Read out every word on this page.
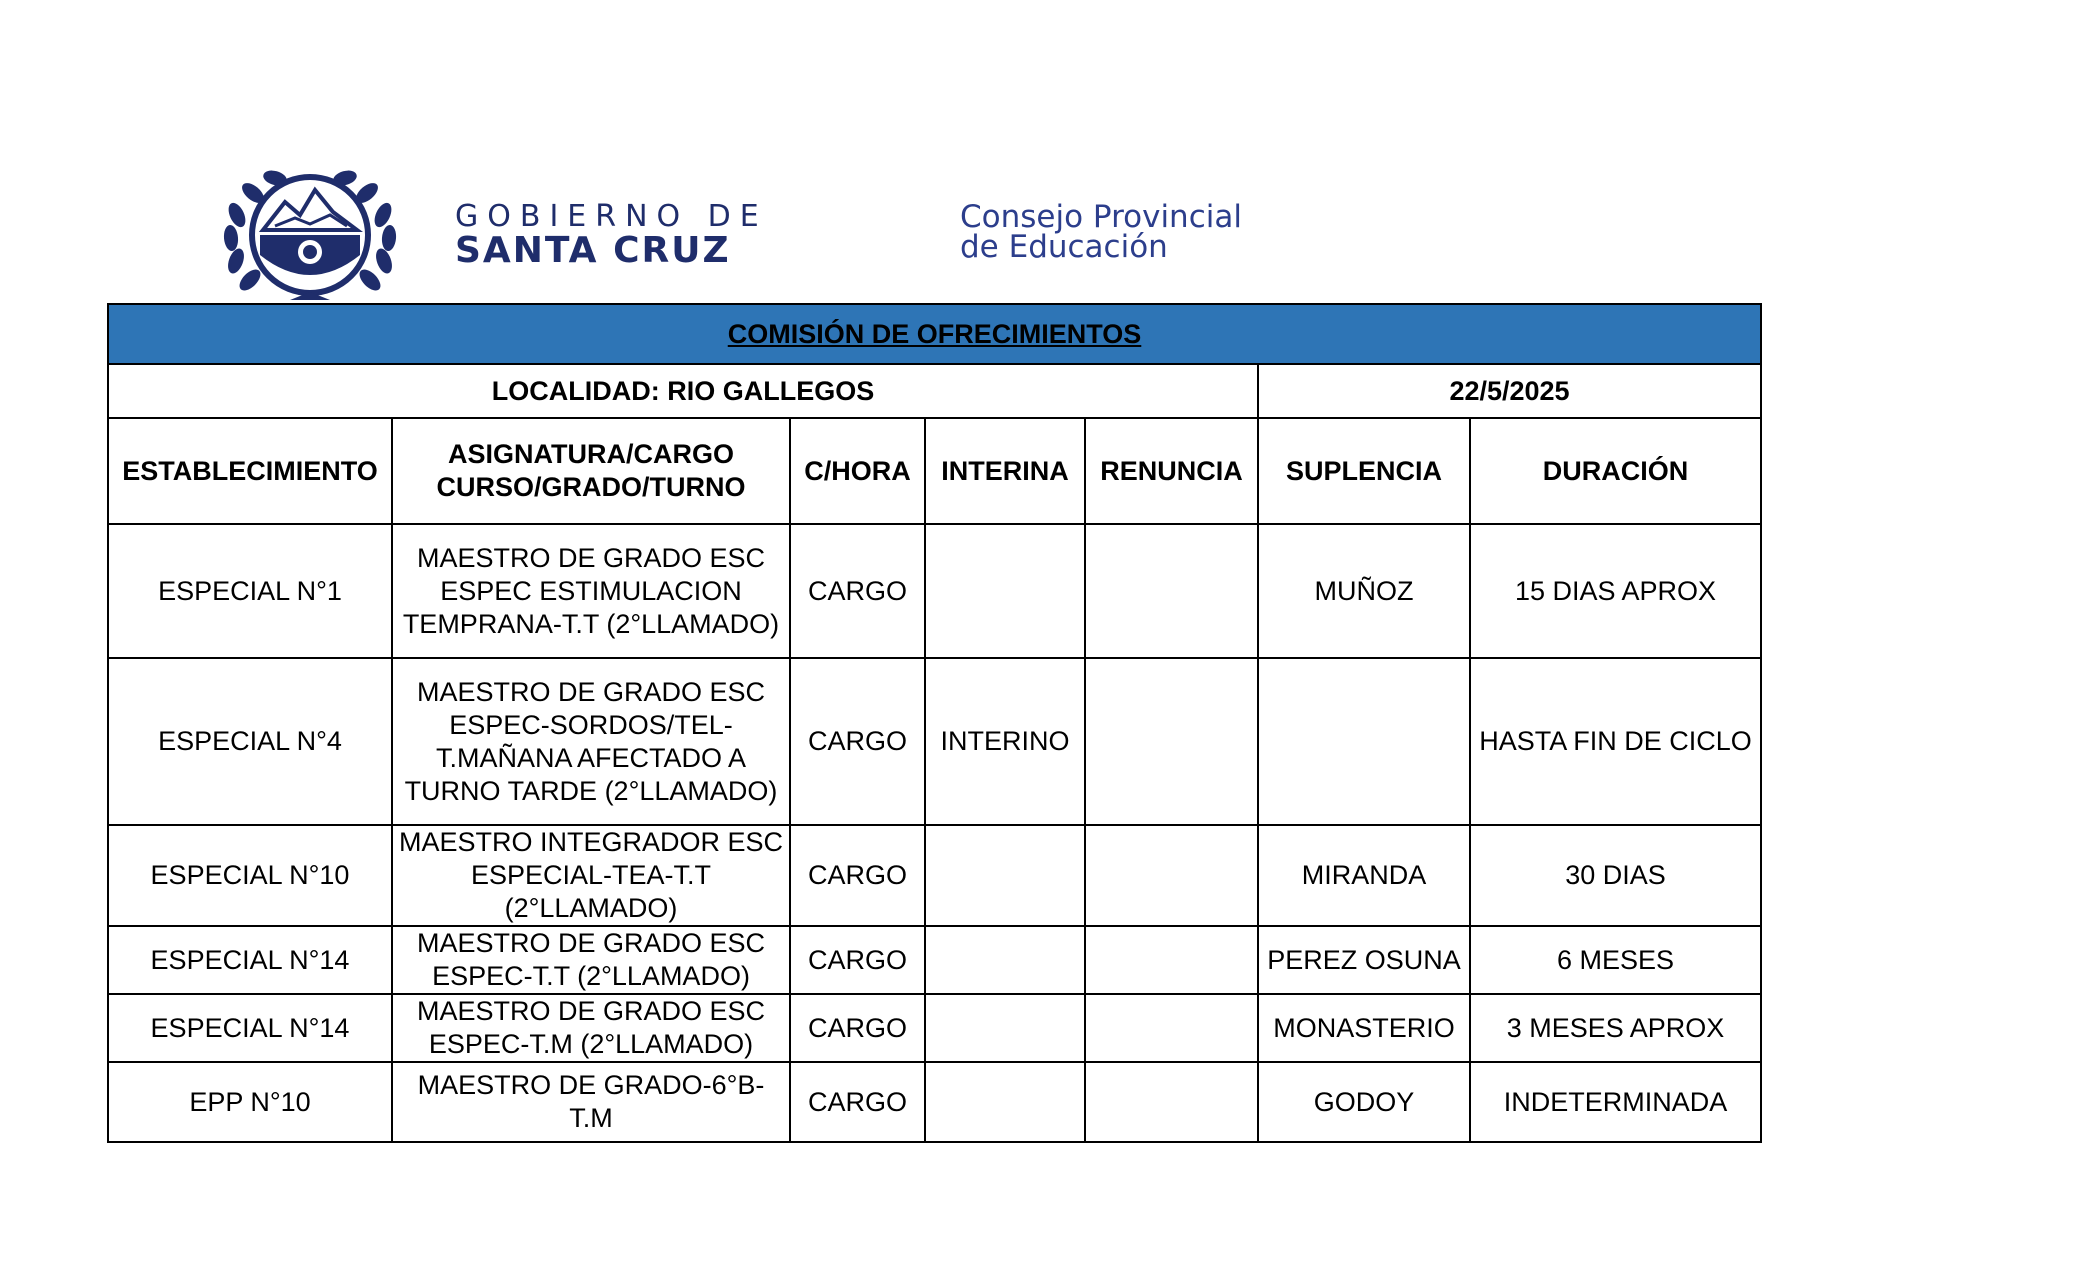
GOBIERNO DE
SANTA CRUZ
Consejo Provincial
de Educación
COMISIÓN DE OFRECIMIENTOS						
LOCALIDAD: RIO GALLEGOS					22/5/2025	
ESTABLECIMIENTO	ASIGNATURA/CARGO CURSO/GRADO/TURNO	C/HORA	INTERINA	RENUNCIA	SUPLENCIA	DURACIÓN
ESPECIAL N°1	MAESTRO DE GRADO ESC ESPEC ESTIMULACION TEMPRANA-T.T (2°LLAMADO)	CARGO			MUÑOZ	15 DIAS APROX
ESPECIAL N°4	MAESTRO DE GRADO ESC ESPEC-SORDOS/TEL-T.MAÑANA AFECTADO A TURNO TARDE (2°LLAMADO)	CARGO	INTERINO			HASTA FIN DE CICLO
ESPECIAL N°10	MAESTRO INTEGRADOR ESC ESPECIAL-TEA-T.T (2°LLAMADO)	CARGO			MIRANDA	30 DIAS
ESPECIAL N°14	MAESTRO DE GRADO ESC ESPEC-T.T (2°LLAMADO)	CARGO			PEREZ OSUNA	6 MESES
ESPECIAL N°14	MAESTRO DE GRADO ESC ESPEC-T.M (2°LLAMADO)	CARGO			MONASTERIO	3 MESES APROX
EPP N°10	MAESTRO DE GRADO-6°B-T.M	CARGO			GODOY	INDETERMINADA
